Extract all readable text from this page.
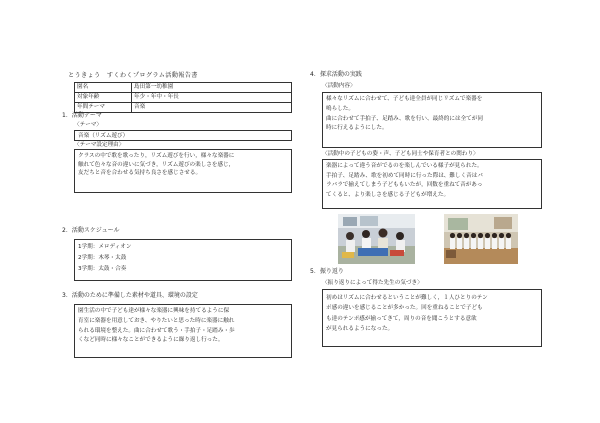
とうきょう　すくわくプログラム活動報告書
園名	島田第一幼稚園
対象年齢	年少・年中・年長
年間テーマ	音楽
1．活動テーマ
〈テーマ〉
音楽（リズム遊び）
〈テーマ設定理由〉
クラスの中で歌を歌ったり，リズム遊びを行い，様々な楽器に
触れて色々な音の違いに気づき，リズム遊びの楽しさを感じ，
友だちと音を合わせる気持ち良さを感じさせる。
2．活動スケジュール
1学期：メロディオン
2学期：木琴・太鼓
3学期：太鼓・合奏
3．活動のために準備した素材や道具、環境の設定
園生活の中で子ども達が様々な楽器に興味を持てるように保
育室に楽器を用意しておき、やりたいと思った時に楽器に触れ
られる環境を整えた。曲に合わせて歌う・手拍子・足踏み・歩
くなど同時に様々なことができるように繰り返し行った。
4．探求活動の実践
〈活動内容〉
様々なリズムに合わせて、子ども達全員が同じリズムで楽器を
鳴らした。
曲に合わせて手拍子、足踏み、歌を行い、最終的には全てが同
時に行えるようにした。
〈活動中の子どもの姿・声、子ども同士や保育者との関わり〉
楽器によって違う音がでるのを楽しんでいる様子が見られた。
手拍子、足踏み、歌を初めて同時に行った際は、難しく音はバ
ラバラで揃えてしまう子どももいたが，回数を重ねて音があっ
てくると、より楽しさを感じる子どもが増えた。
5．振り返り
〈振り返りによって得た先生の気づき〉
初めはリズムに合わせるということが難しく，１人ひとりのテン
ポ感の違いを感じることが多かった。回を重ねることで子ども
も達のテンポ感が揃ってきて，周りの音を聞こうとする意欲
が見られるようになった。
